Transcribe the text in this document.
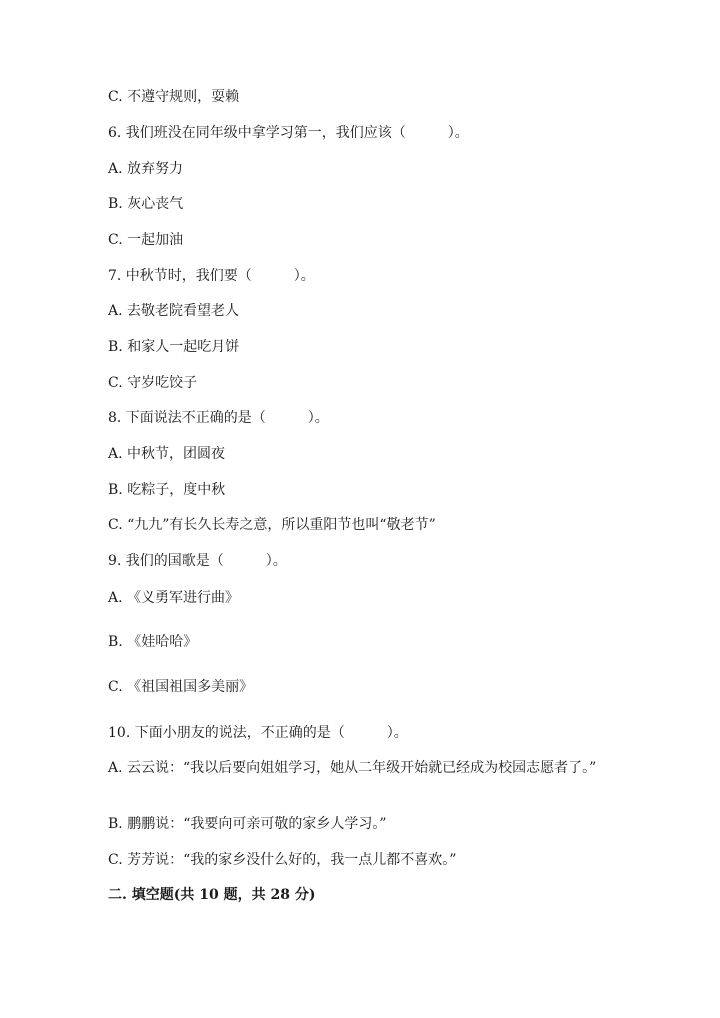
C. 不遵守规则，耍赖
6. 我们班没在同年级中拿学习第一，我们应该（　　　）。
A. 放弃努力
B. 灰心丧气
C. 一起加油
7. 中秋节时，我们要（　　　）。
A. 去敬老院看望老人
B. 和家人一起吃月饼
C. 守岁吃饺子
8. 下面说法不正确的是（　　　）。
A. 中秋节，团圆夜
B. 吃粽子，度中秋
C. “九九”有长久长寿之意，所以重阳节也叫“敬老节”
9. 我们的国歌是（　　　）。
A. 《义勇军进行曲》
B. 《娃哈哈》
C. 《祖国祖国多美丽》
10. 下面小朋友的说法，不正确的是（　　　）。
A. 云云说：“我以后要向姐姐学习，她从二年级开始就已经成为校园志愿者了。”
B. 鹏鹏说：“我要向可亲可敬的家乡人学习。”
C. 芳芳说：“我的家乡没什么好的，我一点儿都不喜欢。”
二. 填空题(共 10 题，共 28 分)
